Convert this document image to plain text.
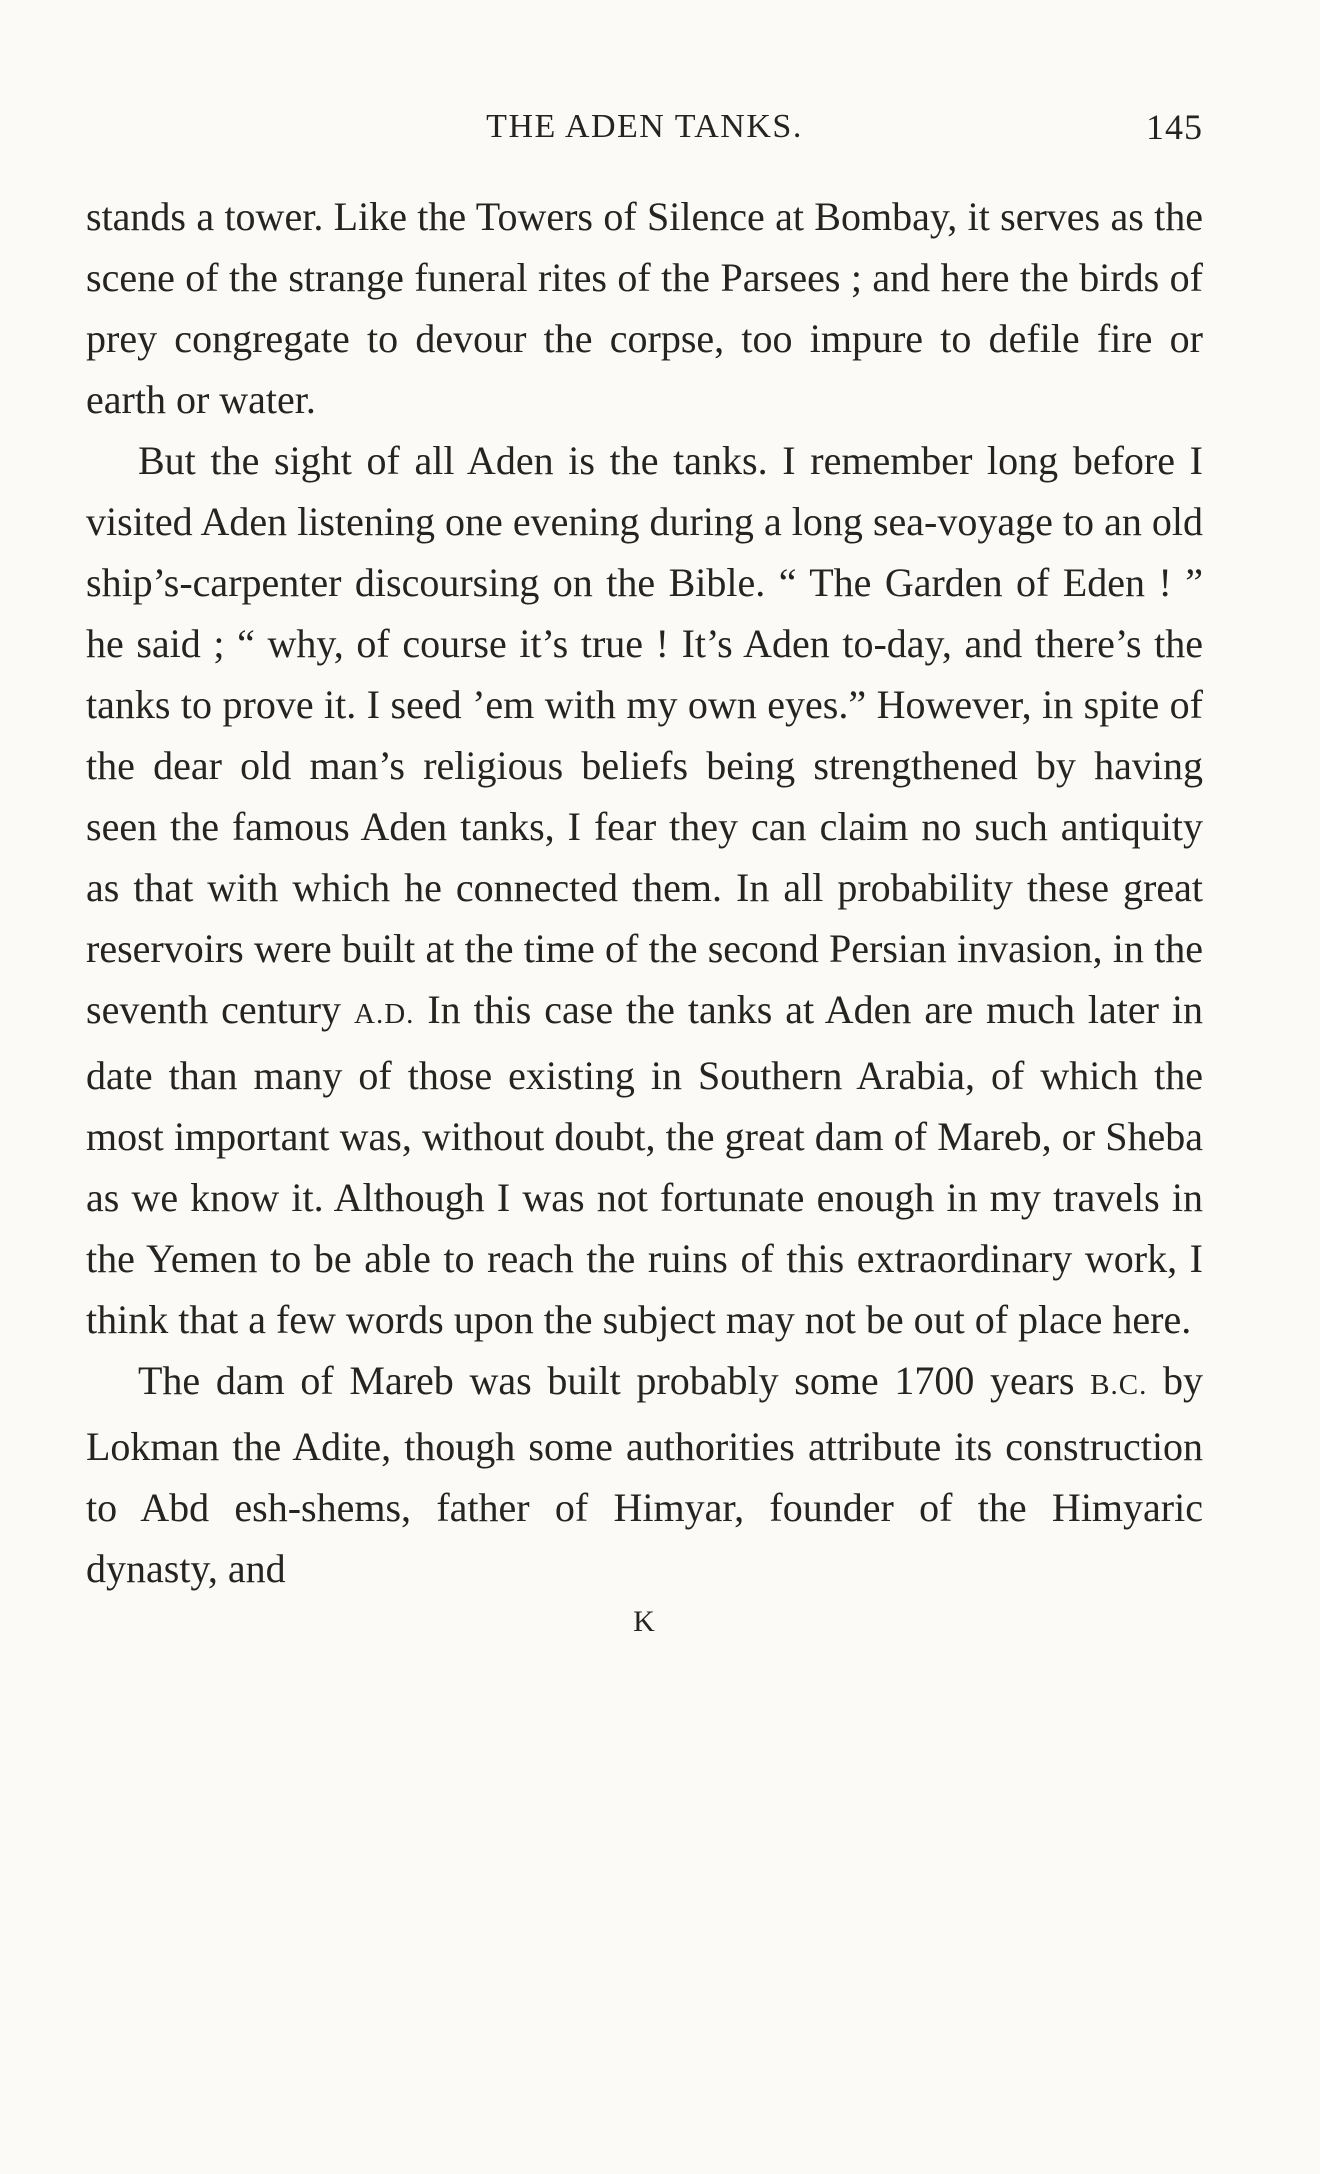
THE ADEN TANKS.	145

stands a tower. Like the Towers of Silence at Bombay, it serves as the scene of the strange funeral rites of the Parsees ; and here the birds of prey congregate to devour the corpse, too impure to defile fire or earth or water.

But the sight of all Aden is the tanks. I remember long before I visited Aden listening one evening during a long sea-voyage to an old ship’s-carpenter discoursing on the Bible. “ The Garden of Eden ! ” he said ; “ why, of course it’s true ! It’s Aden to-day, and there’s the tanks to prove it. I seed ’em with my own eyes.” However, in spite of the dear old man’s religious beliefs being strengthened by having seen the famous Aden tanks, I fear they can claim no such antiquity as that with which he connected them. In all probability these great reservoirs were built at the time of the second Persian invasion, in the seventh century A.D. In this case the tanks at Aden are much later in date than many of those existing in Southern Arabia, of which the most important was, without doubt, the great dam of Mareb, or Sheba as we know it. Although I was not fortunate enough in my travels in the Yemen to be able to reach the ruins of this extraordinary work, I think that a few words upon the subject may not be out of place here.

The dam of Mareb was built probably some 1700 years B.C. by Lokman the Adite, though some authorities attribute its construction to Abd esh-shems, father of Himyar, founder of the Himyaric dynasty, and

K
